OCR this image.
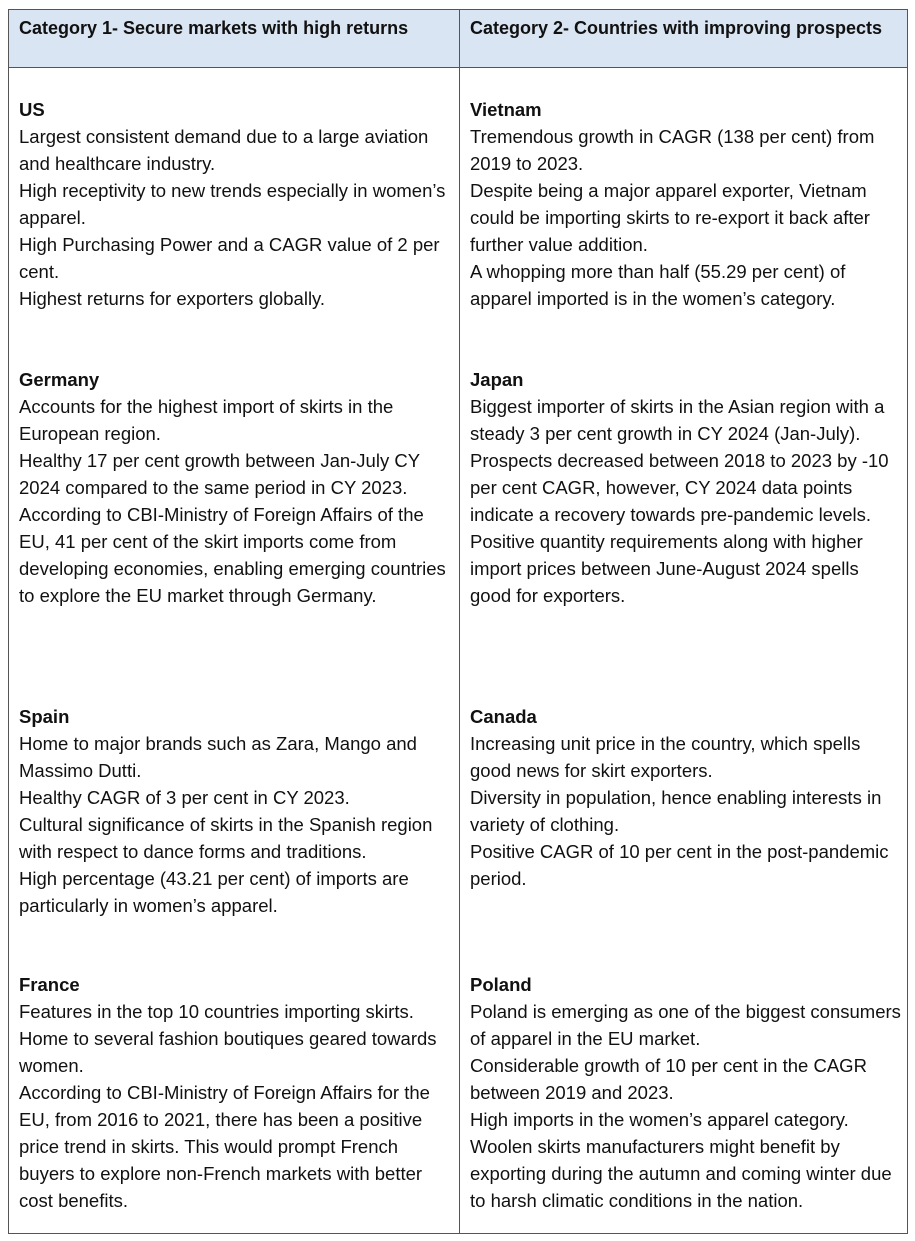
Category 1- Secure markets with high returns	Category 2- Countries with improving prospects

US

Largest consistent demand due to a large aviation and healthcare industry.

High receptivity to new trends especially in women’s apparel.

High Purchasing Power and a CAGR value of 2 per cent.

Highest returns for exporters globally.

Germany

Accounts for the highest import of skirts in the European region.

Healthy 17 per cent growth between Jan-July CY 2024 compared to the same period in CY 2023.

According to CBI-Ministry of Foreign Affairs of the EU, 41 per cent of the skirt imports come from developing economies, enabling emerging countries to explore the EU market through Germany.

Spain

Home to major brands such as Zara, Mango and Massimo Dutti.

Healthy CAGR of 3 per cent in CY 2023.

Cultural significance of skirts in the Spanish region with respect to dance forms and traditions.

High percentage (43.21 per cent) of imports are particularly in women’s apparel.

France

Features in the top 10 countries importing skirts.

Home to several fashion boutiques geared towards women.

According to CBI-Ministry of Foreign Affairs for the EU, from 2016 to 2021, there has been a positive price trend in skirts. This would prompt French buyers to explore non-French markets with better cost benefits.

Vietnam

Tremendous growth in CAGR (138 per cent) from 2019 to 2023.

Despite being a major apparel exporter, Vietnam could be importing skirts to re-export it back after further value addition.

A whopping more than half (55.29 per cent) of apparel imported is in the women’s category.

Japan

Biggest importer of skirts in the Asian region with a steady 3 per cent growth in CY 2024 (Jan-July).

Prospects decreased between 2018 to 2023 by -10 per cent CAGR, however, CY 2024 data points indicate a recovery towards pre-pandemic levels.

Positive quantity requirements along with higher import prices between June-August 2024 spells good for exporters.

Canada

Increasing unit price in the country, which spells good news for skirt exporters.

Diversity in population, hence enabling interests in variety of clothing.

Positive CAGR of 10 per cent in the post-pandemic period.

Poland

Poland is emerging as one of the biggest consumers of apparel in the EU market.

Considerable growth of 10 per cent in the CAGR between 2019 and 2023.

High imports in the women’s apparel category.

Woolen skirts manufacturers might benefit by exporting during the autumn and coming winter due to harsh climatic conditions in the nation.
